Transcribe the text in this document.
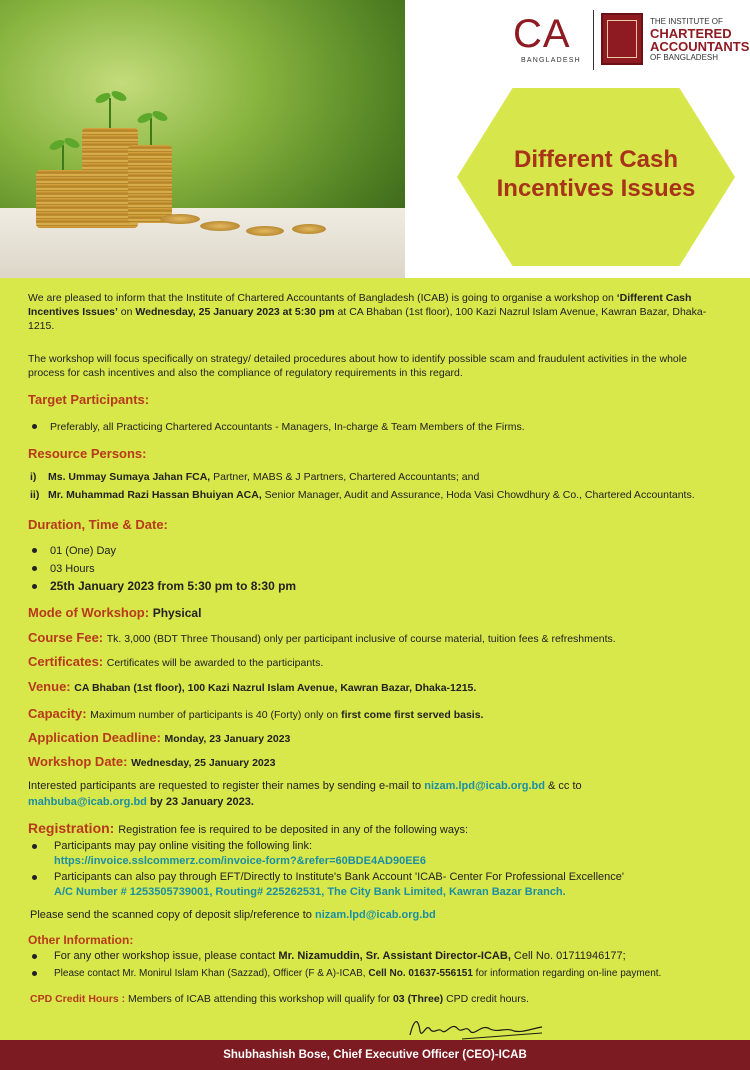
CA
BANGLADESH
THE INSTITUTE OF
CHARTERED
ACCOUNTANTS
OF BANGLADESH
Different Cash
Incentives Issues
We are pleased to inform that the Institute of Chartered Accountants of Bangladesh (ICAB) is going to organise a workshop on ‘Different Cash Incentives Issues’ on Wednesday, 25 January 2023 at 5:30 pm at CA Bhaban (1st floor), 100 Kazi Nazrul Islam Avenue, Kawran Bazar, Dhaka-1215.
The workshop will focus specifically on strategy/ detailed procedures about how to identify possible scam and fraudulent activities in the whole process for cash incentives and also the compliance of regulatory requirements in this regard.
Target Participants:
Preferably, all Practicing Chartered Accountants - Managers, In-charge & Team Members of the Firms.
Resource Persons:
i) Ms. Ummay Sumaya Jahan FCA, Partner, MABS & J Partners, Chartered Accountants; and
ii) Mr. Muhammad Razi Hassan Bhuiyan ACA, Senior Manager, Audit and Assurance, Hoda Vasi Chowdhury & Co., Chartered Accountants.
Duration, Time & Date:
01 (One) Day
03 Hours
25th January 2023 from 5:30 pm to 8:30 pm
Mode of Workshop: Physical
Course Fee: Tk. 3,000 (BDT Three Thousand) only per participant inclusive of course material, tuition fees & refreshments.
Certificates: Certificates will be awarded to the participants.
Venue: CA Bhaban (1st floor), 100 Kazi Nazrul Islam Avenue, Kawran Bazar, Dhaka-1215.
Capacity: Maximum number of participants is 40 (Forty) only on first come first served basis.
Application Deadline: Monday, 23 January 2023
Workshop Date: Wednesday, 25 January 2023
Interested participants are requested to register their names by sending e-mail to nizam.lpd@icab.org.bd & cc to
mahbuba@icab.org.bd by 23 January 2023.
Registration: Registration fee is required to be deposited in any of the following ways:
Participants may pay online visiting the following link:
https://invoice.sslcommerz.com/invoice-form?&refer=60BDE4AD90EE6
Participants can also pay through EFT/Directly to Institute's Bank Account 'ICAB- Center For Professional Excellence'
A/C Number # 1253505739001, Routing# 225262531, The City Bank Limited, Kawran Bazar Branch.
Please send the scanned copy of deposit slip/reference to nizam.lpd@icab.org.bd
Other Information:
For any other workshop issue, please contact Mr. Nizamuddin, Sr. Assistant Director-ICAB, Cell No. 01711946177;
Please contact Mr. Monirul Islam Khan (Sazzad), Officer (F & A)-ICAB, Cell No. 01637-556151 for information regarding on-line payment.
CPD Credit Hours : Members of ICAB attending this workshop will qualify for 03 (Three) CPD credit hours.
Shubhashish Bose, Chief Executive Officer (CEO)-ICAB
